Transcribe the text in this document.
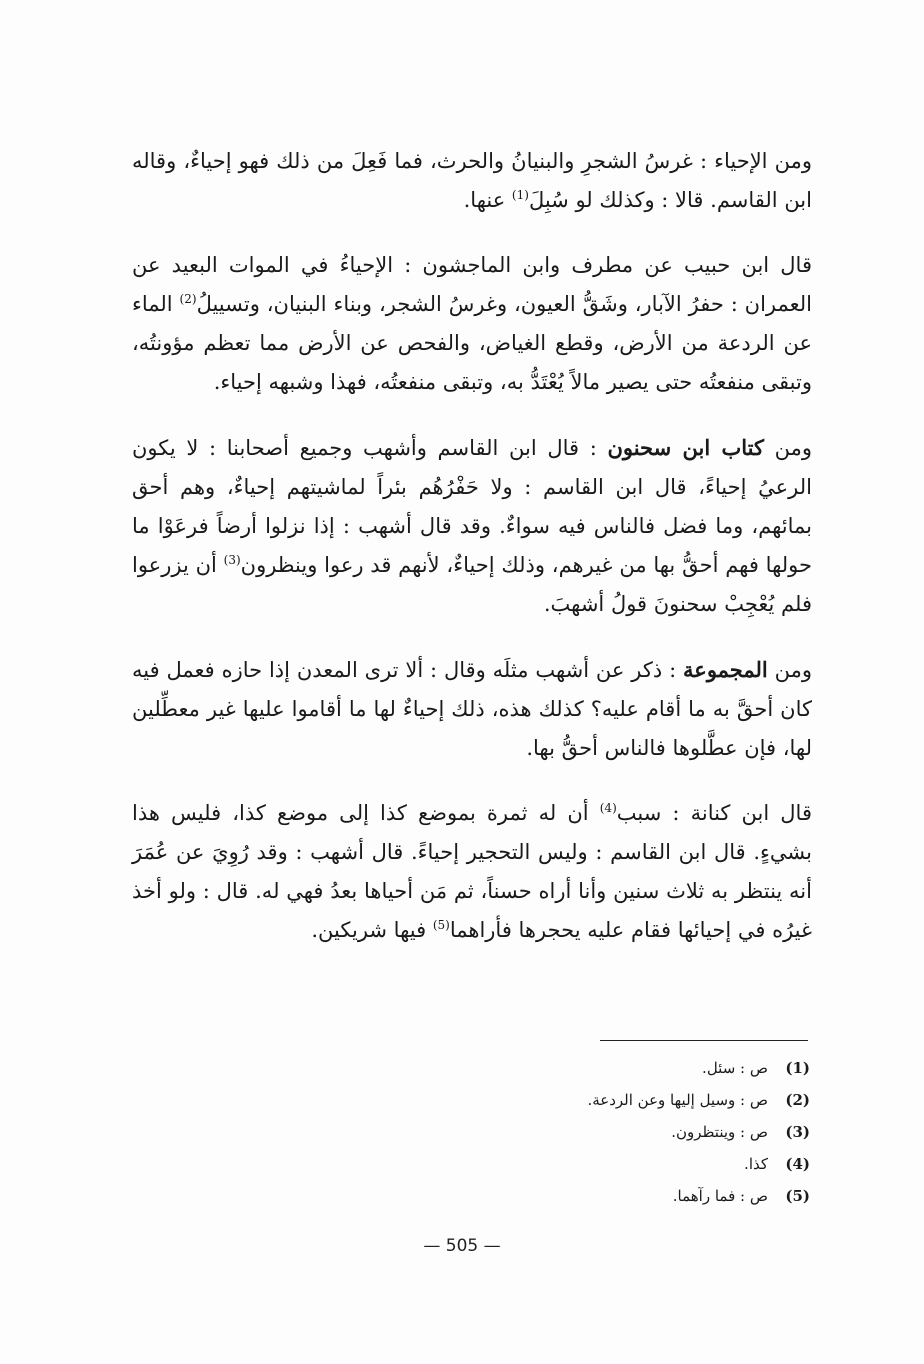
ومن الإحياء : غرسُ الشجرِ والبنيانُ والحرث، فما فَعِلَ من ذلك فهو إحياءٌ، وقاله ابن القاسم. قالا : وكذلك لو سُبِلَ$^{(1)}$ عنها.

قال ابن حبيب عن مطرف وابن الماجشون : الإحياءُ في الموات البعيد عن العمران : حفرُ الآبار، وشَقُّ العيون، وغرسُ الشجر، وبناء البنيان، وتسييلُ$^{(2)}$ الماء عن الردعة من الأرض، وقطع الغياض، والفحص عن الأرض مما تعظم مؤونتُه، وتبقى منفعتُه حتى يصير مالاً يُعْتَدُّ به، وتبقى منفعتُه، فهذا وشبهه إحياء.

ومن كتاب ابن سحنون : قال ابن القاسم وأشهب وجميع أصحابنا : لا يكون الرعيُ إحياءً، قال ابن القاسم : ولا حَفْرُهُم بئراً لماشيتهم إحياءٌ، وهم أحق بمائهم، وما فضل فالناس فيه سواءٌ. وقد قال أشهب : إذا نزلوا أرضاً فرعَوْا ما حولها فهم أحقُّ بها من غيرهم، وذلك إحياءٌ، لأنهم قد رعوا وينظرون$^{(3)}$ أن يزرعوا فلم يُعْجِبْ سحنونَ قولُ أشهبَ.

ومن المجموعة : ذكر عن أشهب مثلَه وقال : ألا ترى المعدن إذا حازه فعمل فيه كان أحقَّ به ما أقام عليه؟ كذلك هذه، ذلك إحياءٌ لها ما أقاموا عليها غير معطِّلين لها، فإن عطَّلوها فالناس أحقُّ بها.

قال ابن كنانة : سبب$^{(4)}$ أن له ثمرة بموضع كذا إلى موضع كذا، فليس هذا بشيءٍ. قال ابن القاسم : وليس التحجير إحياءً. قال أشهب : وقد رُوِيَ عن عُمَرَ أنه ينتظر به ثلاث سنين وأنا أراه حسناً، ثم مَن أحياها بعدُ فهي له. قال : ولو أخذ غيرُه في إحيائها فقام عليه يحجرها فأراهما$^{(5)}$ فيها شريكين.

(1)
ص : سئل.
(2)
ص : وسيل إليها وعن الردعة.
(3)
ص : وينتظرون.
(4)
كذا.
(5)
ص : فما رآهما.
— 505 —
